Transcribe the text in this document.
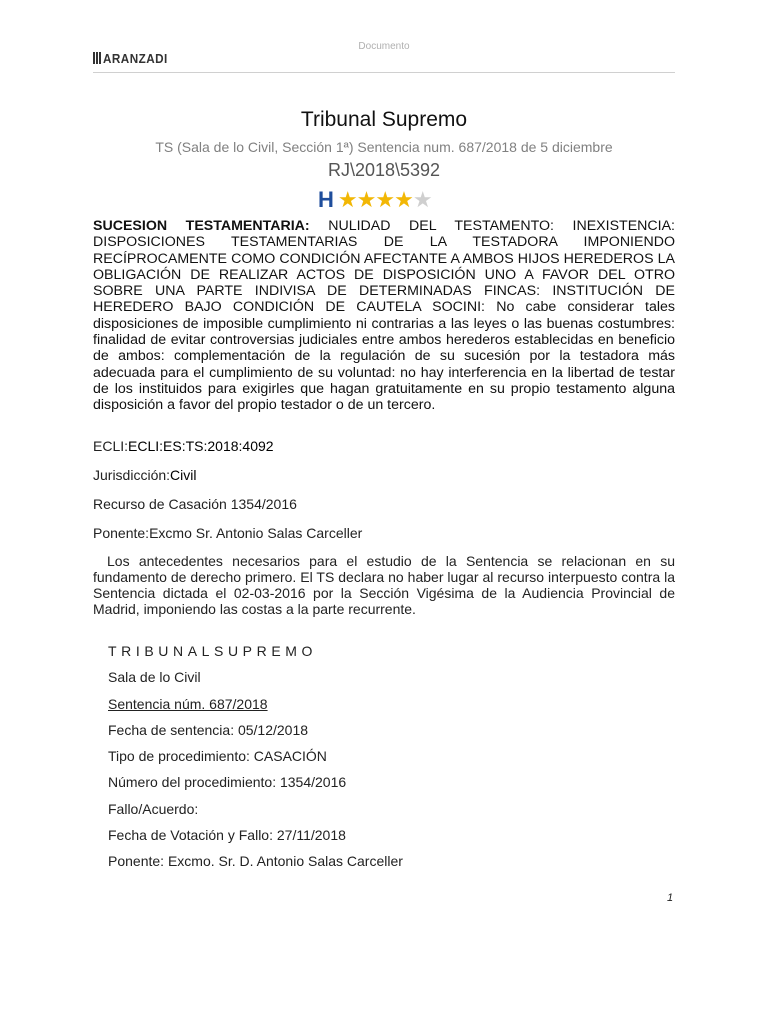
Documento
ARANZADI
Tribunal Supremo
TS (Sala de lo Civil, Sección 1ª) Sentencia num. 687/2018 de 5 diciembre
RJ\2018\5392
H ★ ★ ★ ★ ★

SUCESION TESTAMENTARIA: NULIDAD DEL TESTAMENTO: INEXISTENCIA: DISPOSICIONES TESTAMENTARIAS DE LA TESTADORA IMPONIENDO RECÍPROCAMENTE COMO CONDICIÓN AFECTANTE A AMBOS HIJOS HEREDEROS LA OBLIGACIÓN DE REALIZAR ACTOS DE DISPOSICIÓN UNO A FAVOR DEL OTRO SOBRE UNA PARTE INDIVISA DE DETERMINADAS FINCAS: INSTITUCIÓN DE HEREDERO BAJO CONDICIÓN DE CAUTELA SOCINI: No cabe considerar tales disposiciones de imposible cumplimiento ni contrarias a las leyes o las buenas costumbres: finalidad de evitar controversias judiciales entre ambos herederos establecidas en beneficio de ambos: complementación de la regulación de su sucesión por la testadora más adecuada para el cumplimiento de su voluntad: no hay interferencia en la libertad de testar de los instituidos para exigirles que hagan gratuitamente en su propio testamento alguna disposición a favor del propio testador o de un tercero.

ECLI:ECLI:ES:TS:2018:4092

Jurisdicción:Civil

Recurso de Casación 1354/2016

Ponente:Excmo Sr. Antonio Salas Carceller

Los antecedentes necesarios para el estudio de la Sentencia se relacionan en su fundamento de derecho primero. El TS declara no haber lugar al recurso interpuesto contra la Sentencia dictada el 02-03-2016 por la Sección Vigésima de la Audiencia Provincial de Madrid, imponiendo las costas a la parte recurrente.

TRIBUNALSUPREMO

Sala de lo Civil

Sentencia núm. 687/2018

Fecha de sentencia: 05/12/2018

Tipo de procedimiento: CASACIÓN

Número del procedimiento: 1354/2016

Fallo/Acuerdo:

Fecha de Votación y Fallo: 27/11/2018

Ponente: Excmo. Sr. D. Antonio Salas Carceller

1
